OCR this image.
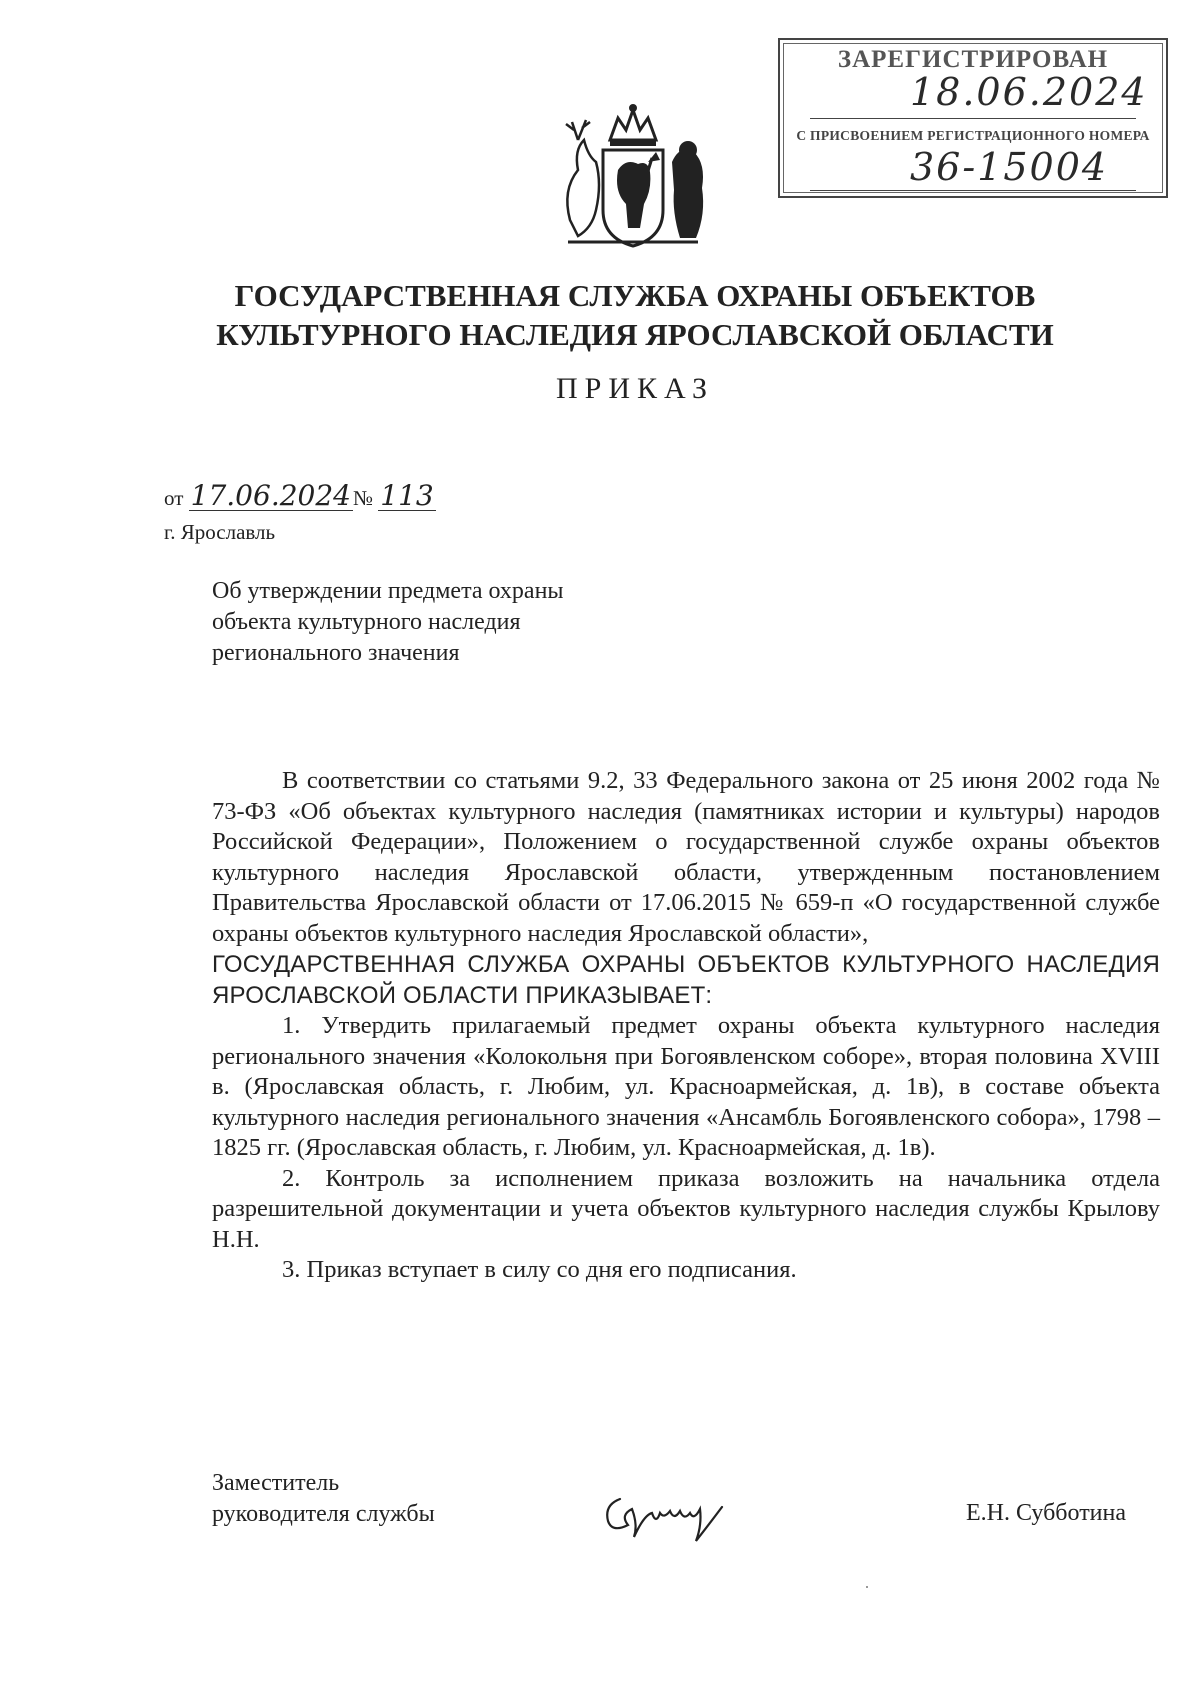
ЗАРЕГИСТРИРОВАН
18.06.2024
С ПРИСВОЕНИЕМ РЕГИСТРАЦИОННОГО НОМЕРА
36-15004
ГОСУДАРСТВЕННАЯ СЛУЖБА ОХРАНЫ ОБЪЕКТОВ
КУЛЬТУРНОГО НАСЛЕДИЯ ЯРОСЛАВСКОЙ ОБЛАСТИ
ПРИКАЗ
от 17.06.2024№ 113
г. Ярославль
Об утверждении предмета охраны объекта культурного наследия регионального значения

В соответствии со статьями 9.2, 33 Федерального закона от 25 июня 2002 года № 73-ФЗ «Об объектах культурного наследия (памятниках истории и культуры) народов Российской Федерации», Положением о государственной службе охраны объектов культурного наследия Ярославской области, утвержденным постановлением Правительства Ярославской области от 17.06.2015 № 659-п «О государственной службе охраны объектов культурного наследия Ярославской области»,

ГОСУДАРСТВЕННАЯ СЛУЖБА ОХРАНЫ ОБЪЕКТОВ КУЛЬТУРНОГО НАСЛЕДИЯ ЯРОСЛАВСКОЙ ОБЛАСТИ ПРИКАЗЫВАЕТ:

1. Утвердить прилагаемый предмет охраны объекта культурного наследия регионального значения «Колокольня при Богоявленском соборе», вторая половина XVIII в. (Ярославская область, г. Любим, ул. Красноармейская, д. 1в), в составе объекта культурного наследия регионального значения «Ансамбль Богоявленского собора», 1798 – 1825 гг. (Ярославская область, г. Любим, ул. Красноармейская, д. 1в).

2. Контроль за исполнением приказа возложить на начальника отдела разрешительной документации и учета объектов культурного наследия службы Крылову Н.Н.

3. Приказ вступает в силу со дня его подписания.

Заместитель
руководителя службы	Е.Н. Субботина
